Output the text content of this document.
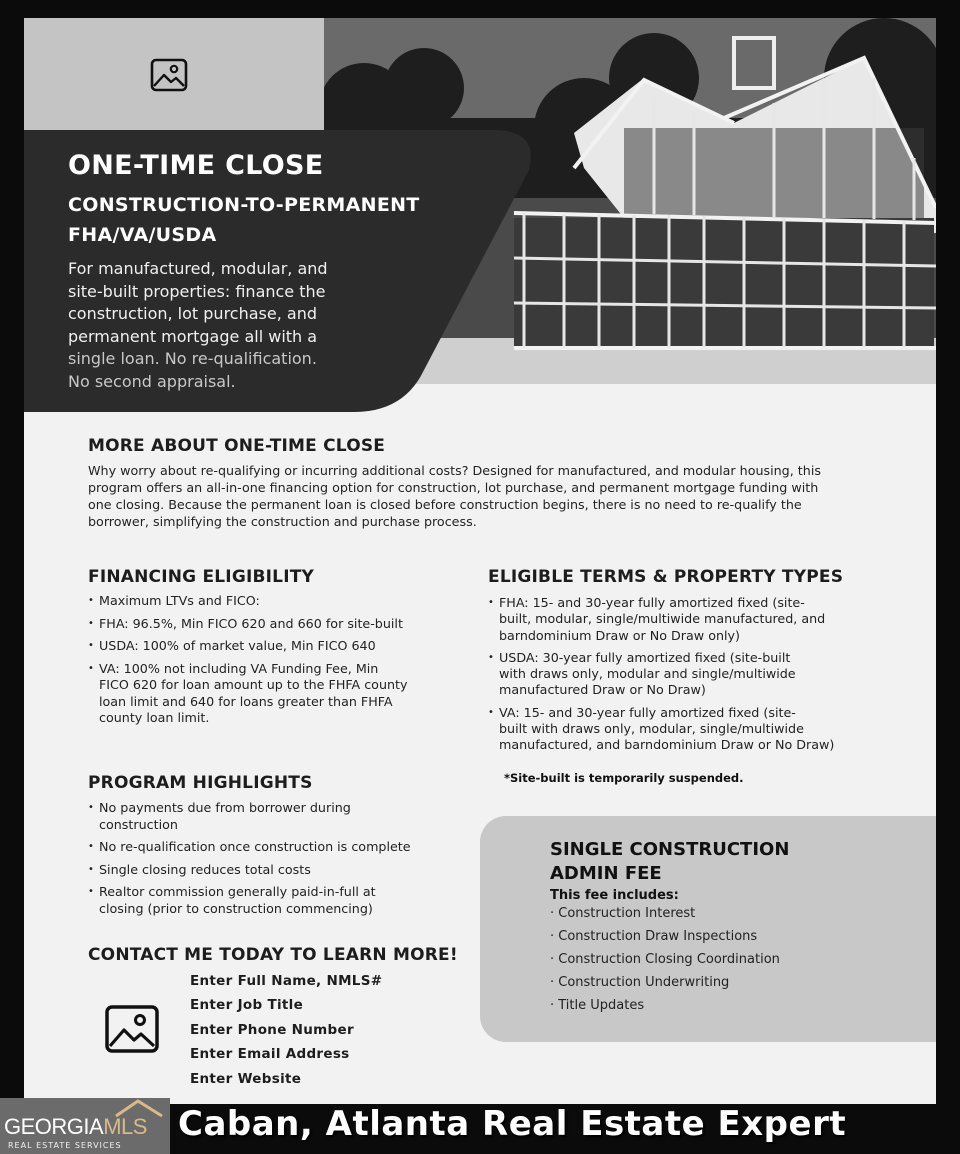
ONE-TIME CLOSE
CONSTRUCTION-TO-PERMANENT
FHA/VA/USDA
For manufactured, modular, and
site-built properties: finance the
construction, lot purchase, and
permanent mortgage all with a
single loan. No re-qualification.
No second appraisal.
MORE ABOUT ONE-TIME CLOSE
Why worry about re-qualifying or incurring additional costs? Designed for manufactured, and modular housing, this
program offers an all-in-one financing option for construction, lot purchase, and permanent mortgage funding with
one closing. Because the permanent loan is closed before construction begins, there is no need to re-qualify the
borrower, simplifying the construction and purchase process.
FINANCING ELIGIBILITY
• Maximum LTVs and FICO:
• FHA: 96.5%, Min FICO 620 and 660 for site-built
• USDA: 100% of market value, Min FICO 640
• VA: 100% not including VA Funding Fee, Min
FICO 620 for loan amount up to the FHFA county
loan limit and 640 for loans greater than FHFA
county loan limit.
ELIGIBLE TERMS & PROPERTY TYPES
• FHA: 15- and 30-year fully amortized fixed (site-
built, modular, single/multiwide manufactured, and
barndominium Draw or No Draw only)
• USDA: 30-year fully amortized fixed (site-built
with draws only, modular and single/multiwide
manufactured Draw or No Draw)
• VA: 15- and 30-year fully amortized fixed (site-
built with draws only, modular, single/multiwide
manufactured, and barndominium Draw or No Draw)
*Site-built is temporarily suspended.
PROGRAM HIGHLIGHTS
• No payments due from borrower during
construction
• No re-qualification once construction is complete
• Single closing reduces total costs
• Realtor commission generally paid-in-full at
closing (prior to construction commencing)
SINGLE CONSTRUCTION
ADMIN FEE
This fee includes:
· Construction Interest
· Construction Draw Inspections
· Construction Closing Coordination
· Construction Underwriting
· Title Updates
CONTACT ME TODAY TO LEARN MORE!
Enter Full Name, NMLS#
Enter Job Title
Enter Phone Number
Enter Email Address
Enter Website
GEORGIAMLS
REAL ESTATE SERVICES
Caban, Atlanta Real Estate Expert
